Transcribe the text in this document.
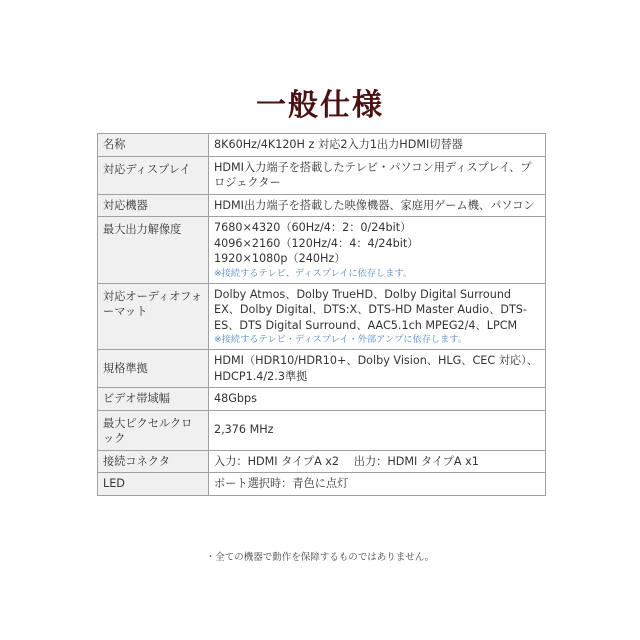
一般仕様
名称	8K60Hz/4K120H z 対応2入力1出力HDMI切替器

対応ディスプレイ	HDMI入力端子を搭載したテレビ・パソコン用ディスプレイ、プロジェクター

対応機器	HDMI出力端子を搭載した映像機器、家庭用ゲーム機、パソコン

最大出力解像度	7680×4320（60Hz/4：2：0/24bit）
4096×2160（120Hz/4：4：4/24bit）
1920×1080p（240Hz）
※接続するテレビ、ディスプレイに依存します。

対応オーディオフォーマット	Dolby Atmos、Dolby TrueHD、Dolby Digital Surround EX、Dolby Digital、DTS:X、DTS-HD Master Audio、DTS-ES、DTS Digital Surround、AAC5.1ch MPEG2/4、LPCM
※接続するテレビ・ディスプレイ・外部アンプに依存します。

規格準拠	HDMI（HDR10/HDR10+、Dolby Vision、HLG、CEC 対応）、HDCP1.4/2.3準拠

ビデオ帯域幅	48Gbps

最大ピクセルクロック	2,376 MHz

接続コネクタ	入力：HDMI タイプA x2　 出力：HDMI タイプA x1

LED	ポート選択時：青色に点灯
・全ての機器で動作を保障するものではありません。
